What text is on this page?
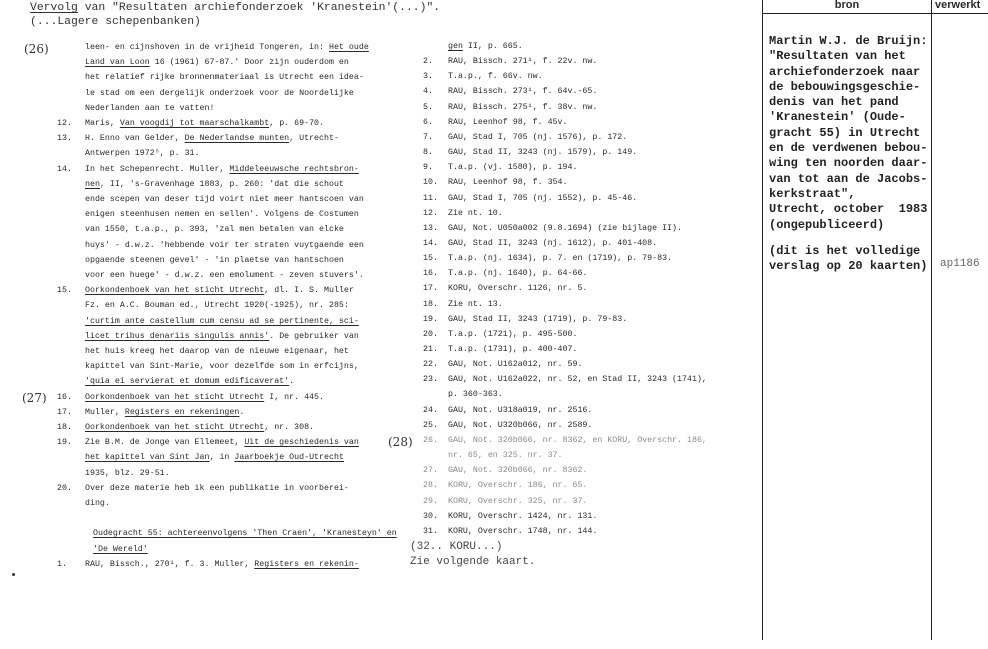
Vervolg van "Resultaten archiefonderzoek 'Kranestein'(...)".
(...Lagere schepenbanken)
(26)
(27)
(28)
leen- en cijnshoven in de vrijheid Tongeren, in: Het oude
Land van Loon 16 (1961) 67-87.' Door zijn ouderdom en
het relatief rijke bronnenmateriaal is Utrecht een idea-
le stad om een dergelijk onderzoek voor de Noordelijke
Nederlanden aan te vatten!
12. Maris, Van voogdij tot maarschalkambt, p. 69-70.
13. H. Enno van Gelder, De Nederlandse munten, Utrecht-
Antwerpen 1972⁵, p. 31.
14. In het Schepenrecht. Muller, Middeleeuwsche rechtsbron-
nen, II, 's-Gravenhage 1883, p. 260: 'dat die schout
ende scepen van deser tijd voirt niet meer hantscoen van
enigen steenhusen nemen en sellen'. Volgens de Costumen
van 1550, t.a.p., p. 393, 'zal men betalen van elcke
huys' - d.w.z. 'hebbende voir ter straten vuytgaende een
opgaende steenen gevel' - 'in plaetse van hantschoen
voor een huege' - d.w.z. een emolument - zeven stuvers'.
15. Oorkondenboek van het sticht Utrecht, dl. I. S. Muller
Fz. en A.C. Bouman ed., Utrecht 1920(-1925), nr. 285:
'curtim ante castellum cum censu ad se pertinente, sci-
licet tribus denariis singulis annis'. De gebruiker van
het huis kreeg het daarop van de nieuwe eigenaar, het
kapittel van Sint-Marie, voor dezelfde som in erfcijns,
'quia ei servierat et domum edificaverat'.
16. Oorkondenboek van het sticht Utrecht I, nr. 445.
17. Muller, Registers en rekeningen.
18. Oorkondenboek van het sticht Utrecht, nr. 308.
19. Zie B.M. de Jonge van Ellemeet, Uit de geschiedenis van
het kapittel van Sint Jan, in Jaarboekje Oud-Utrecht
1935, blz. 29-51.
20. Over deze materie heb ik een publikatie in voorberei-
ding.
Oudegracht 55: achtereenvolgens 'Then Craen', 'Kranesteyn' en
'De Wereld'
1. RAU, Bissch., 270¹, f. 3. Muller, Registers en rekenin-
gen II, p. 665.
2. RAU, Bissch. 271¹, f. 22v. nw.
3. T.a.p., f. 66v. nw.
4. RAU, Bissch. 273¹, f. 64v.-65.
5. RAU, Bissch. 275¹, f. 38v. nw.
6. RAU, Leenhof 98, f. 45v.
7. GAU, Stad I, 705 (nj. 1576), p. 172.
8. GAU, Stad II, 3243 (nj. 1579), p. 149.
9. T.a.p. (vj. 1580), p. 194.
10. RAU, Leenhof 98, f. 354.
11. GAU, Stad I, 705 (nj. 1552), p. 45-46.
12. Zie nt. 10.
13. GAU, Not. U050a002 (9.8.1694) (zie bijlage II).
14. GAU, Stad II, 3243 (nj. 1612), p. 401-408.
15. T.a.p. (nj. 1634), p. 7. en (1719), p. 79-83.
16. T.a.p. (nj. 1640), p. 64-66.
17. KORU, Overschr. 1126, nr. 5.
18. Zie nt. 13.
19. GAU, Stad II, 3243 (1719), p. 79-83.
20. T.a.p. (1721), p. 495-500.
21. T.a.p. (1731), p. 400-407.
22. GAU, Not. U162a012, nr. 59.
23. GAU, Not. U162a022, nr. 52, en Stad II, 3243 (1741),
p. 360-363.
24. GAU, Not. U318a019, nr. 2516.
25. GAU, Not. U320b066, nr. 2589.
26. GAU, Not. 320b066, nr. 8362, en KORU, Overschr. 186,
nr. 65, en 325. nr. 37.
27. GAU, Not. 320b066, nr. 8362.
28. KORU, Overschr. 186, nr. 65.
29. KORU, Overschr. 325, nr. 37.
30. KORU, Overschr. 1424, nr. 131.
31. KORU, Overschr. 1748, nr. 144.
(32.. KORU...)
Zie volgende kaart.
bron	verwerkt
Martin W.J. de Bruijn:
"Resultaten van het
archiefonderzoek naar
de bebouwingsgeschie-
denis van het pand
'Kranestein' (Oude-
gracht 55) in Utrecht
en de verdwenen bebou-
wing ten noorden daar-
van tot aan de Jacobs-
kerkstraat",
Utrecht, october  1983
(ongepubliceerd)
(dit is het volledige
verslag op 20 kaarten) ap1186
